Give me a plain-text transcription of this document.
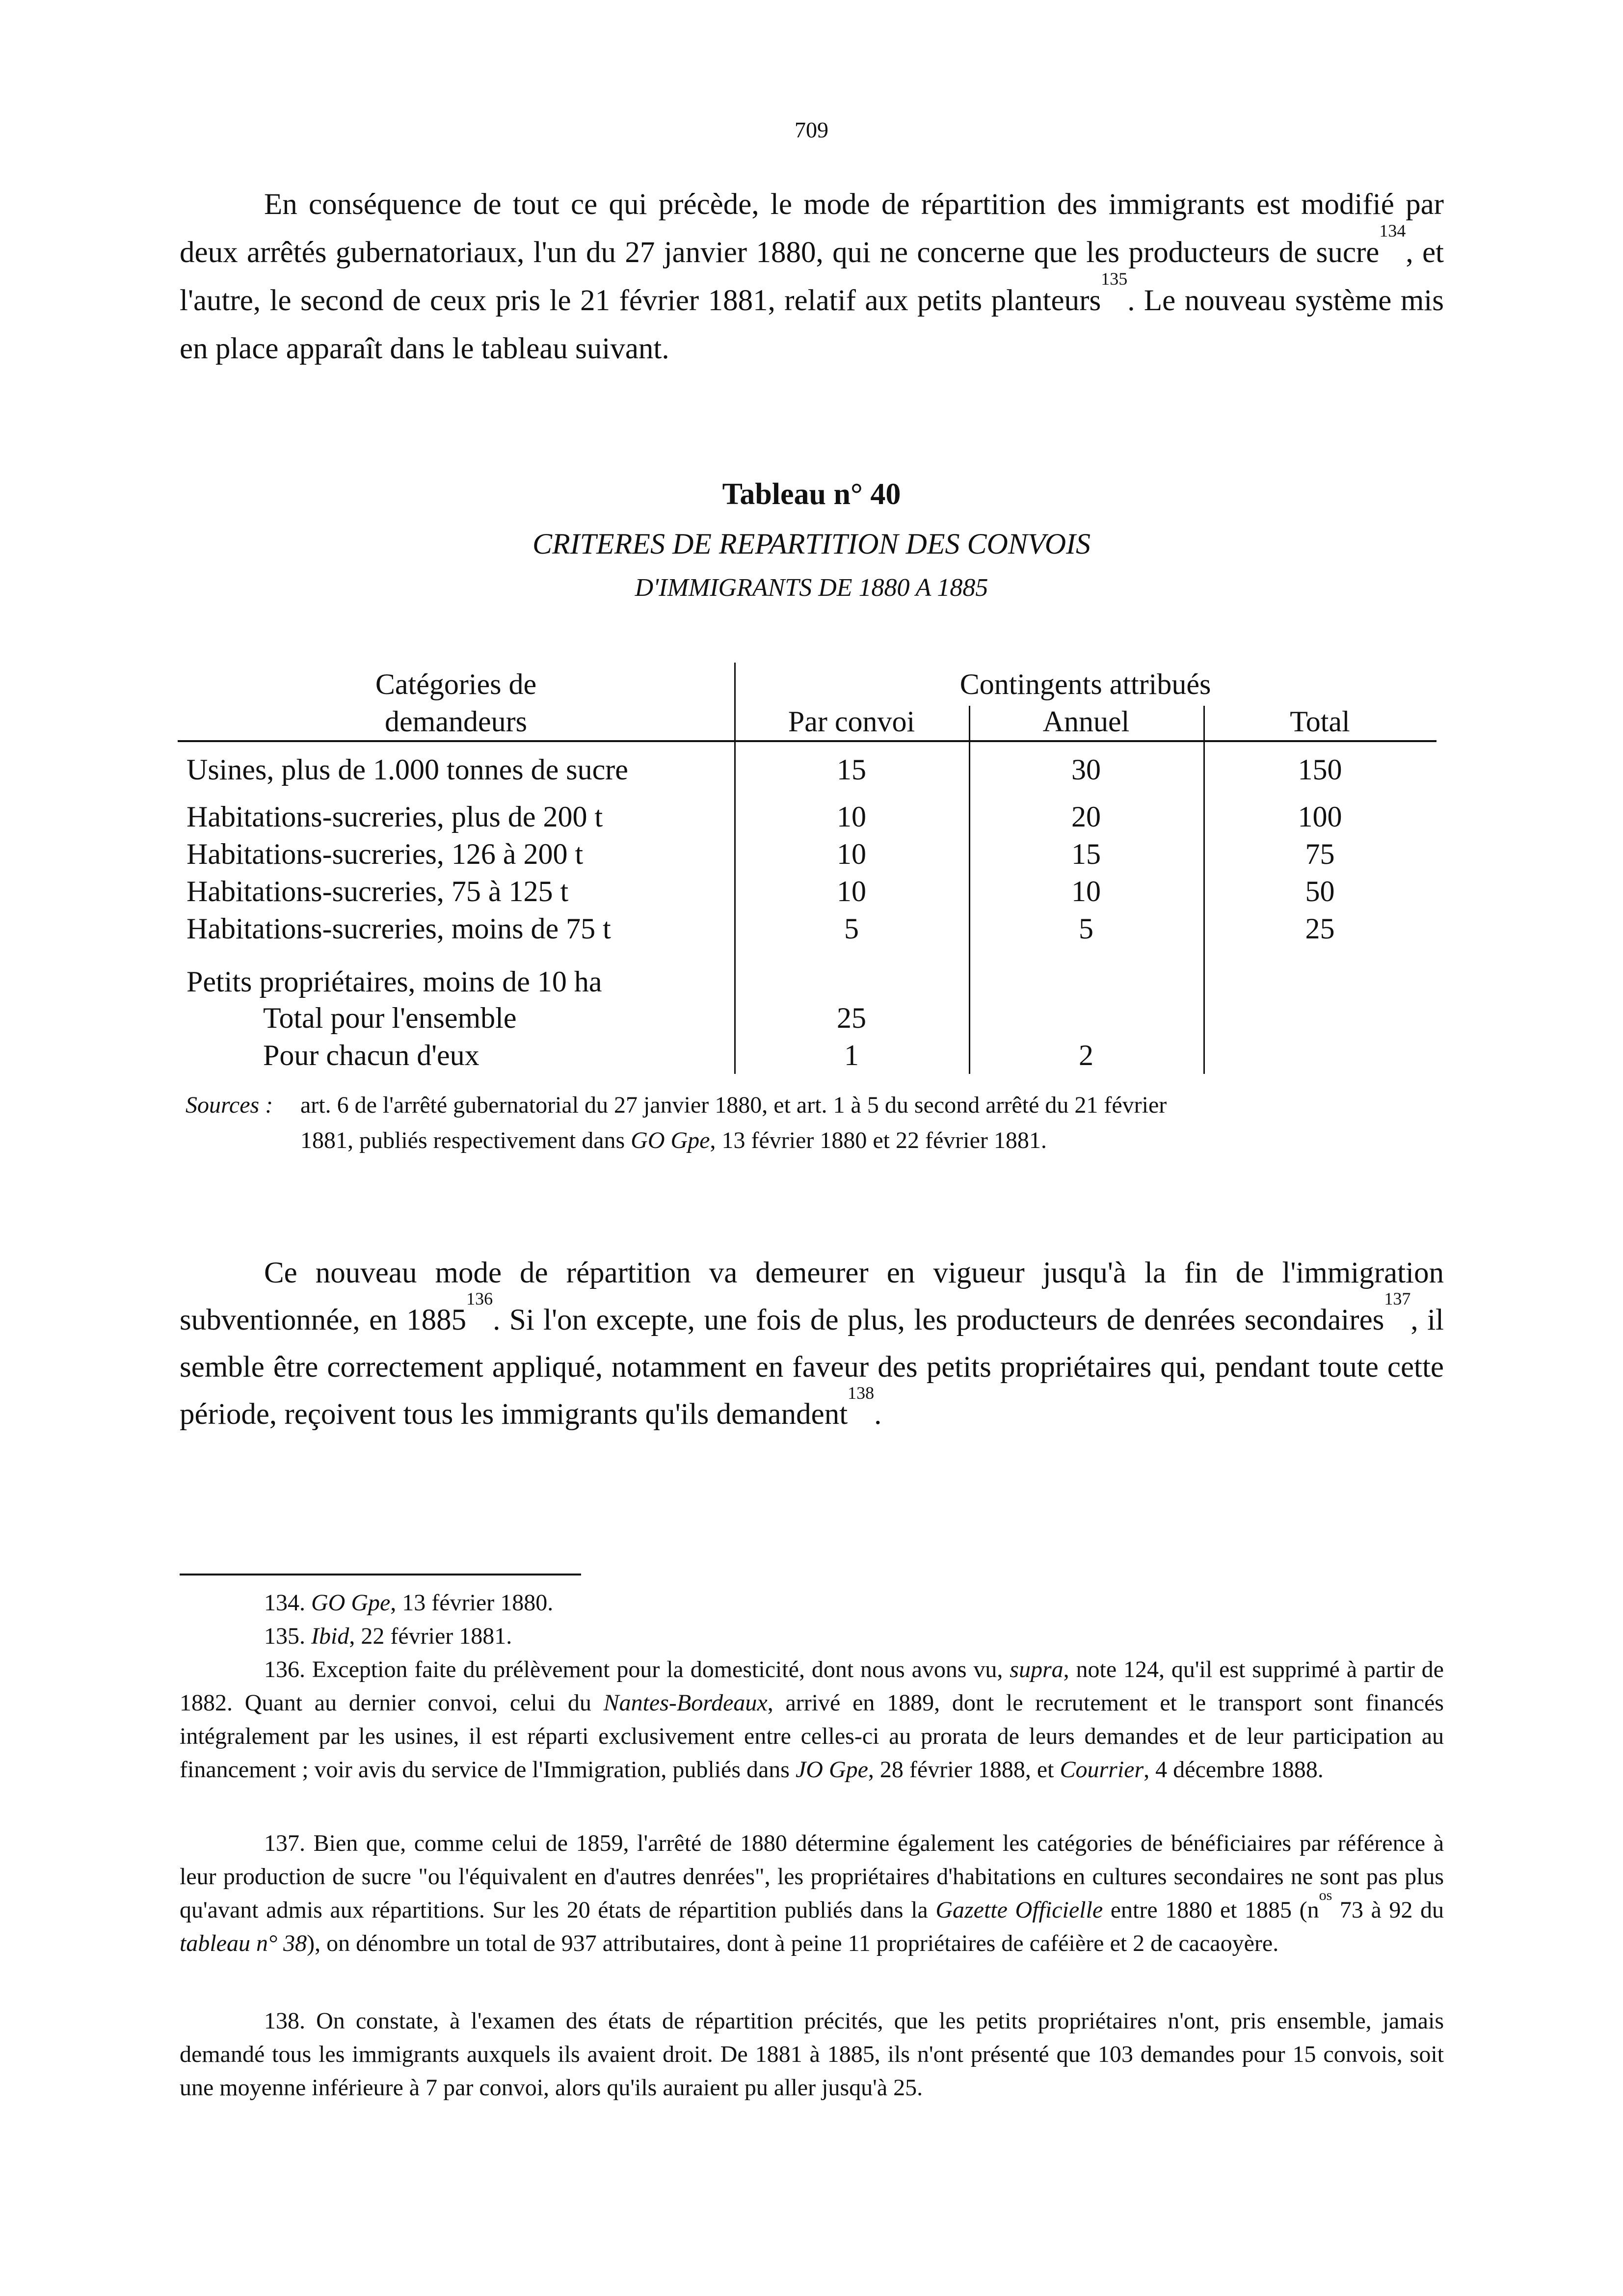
709

En conséquence de tout ce qui précède, le mode de répartition des immigrants est modifié par deux arrêtés gubernatoriaux, l'un du 27 janvier 1880, qui ne concerne que les producteurs de sucre$^{134}$, et l'autre, le second de ceux pris le 21 février 1881, relatif aux petits planteurs$^{135}$. Le nouveau système mis en place apparaît dans le tableau suivant.

Tableau n° 40
CRITERES DE REPARTITION DES CONVOIS
D'IMMIGRANTS DE 1880 A 1885
Catégories de
demandeurs
Contingents attribués
Par convoi	Annuel	Total
Usines, plus de 1.000 tonnes de sucre	15	30	150
Habitations-sucreries, plus de 200 t	10	20	100
Habitations-sucreries, 126 à 200 t	10	15	75
Habitations-sucreries, 75 à 125 t	10	10	50
Habitations-sucreries, moins de 75 t	5	5	25
Petits propriétaires, moins de 10 ha
Total pour l'ensemble	25
Pour chacun d'eux	1	2
Sources : art. 6 de l'arrêté gubernatorial du 27 janvier 1880, et art. 1 à 5 du second arrêté du 21 février
1881, publiés respectivement dans GO Gpe, 13 février 1880 et 22 février 1881.

Ce nouveau mode de répartition va demeurer en vigueur jusqu'à la fin de l'immigration subventionnée, en 1885$^{136}$. Si l'on excepte, une fois de plus, les producteurs de denrées secondaires$^{137}$, il semble être correctement appliqué, notamment en faveur des petits propriétaires qui, pendant toute cette période, reçoivent tous les immigrants qu'ils demandent$^{138}$.

134. GO Gpe, 13 février 1880.

135. Ibid, 22 février 1881.

136. Exception faite du prélèvement pour la domesticité, dont nous avons vu, supra, note 124, qu'il est supprimé à partir de 1882. Quant au dernier convoi, celui du Nantes-Bordeaux, arrivé en 1889, dont le recrutement et le transport sont financés intégralement par les usines, il est réparti exclusivement entre celles-ci au prorata de leurs demandes et de leur participation au financement ; voir avis du service de l'Immigration, publiés dans JO Gpe, 28 février 1888, et Courrier, 4 décembre 1888.

137. Bien que, comme celui de 1859, l'arrêté de 1880 détermine également les catégories de bénéficiaires par référence à leur production de sucre "ou l'équivalent en d'autres denrées", les propriétaires d'habitations en cultures secondaires ne sont pas plus qu'avant admis aux répartitions. Sur les 20 états de répartition publiés dans la Gazette Officielle entre 1880 et 1885 ($n^{os}$ 73 à 92 du tableau n° 38), on dénombre un total de 937 attributaires, dont à peine 11 propriétaires de caféière et 2 de cacaoyère.

138. On constate, à l'examen des états de répartition précités, que les petits propriétaires n'ont, pris ensemble, jamais demandé tous les immigrants auxquels ils avaient droit. De 1881 à 1885, ils n'ont présenté que 103 demandes pour 15 convois, soit une moyenne inférieure à 7 par convoi, alors qu'ils auraient pu aller jusqu'à 25.
